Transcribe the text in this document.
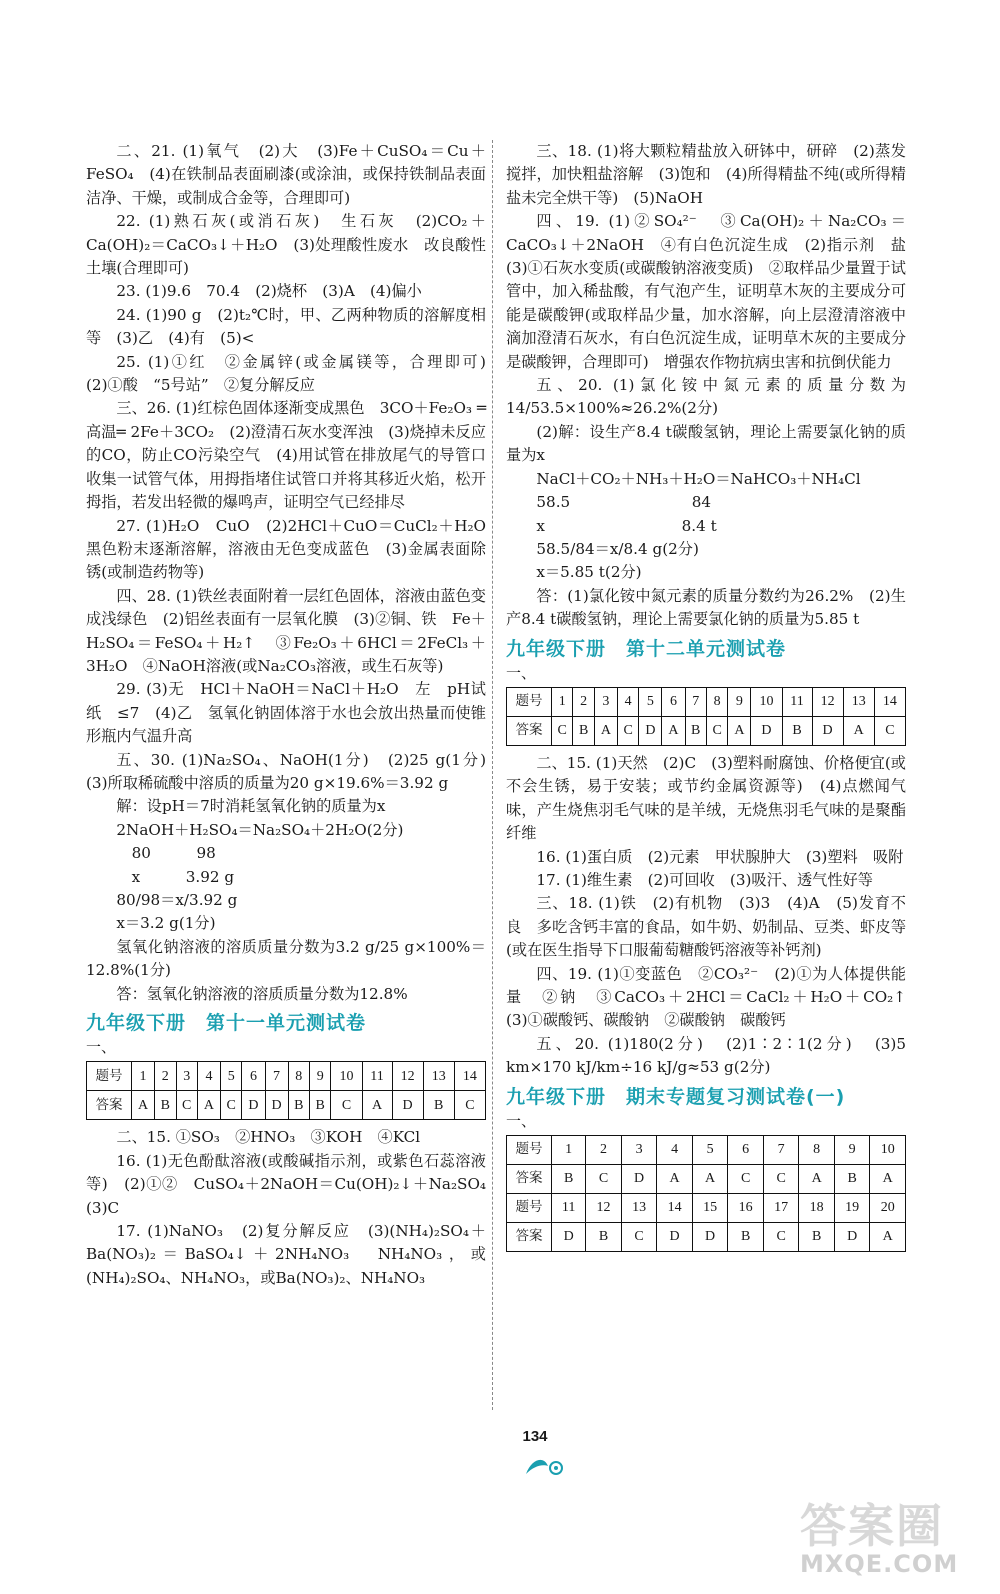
二、21. (1)氧气　(2)大　(3)Fe＋CuSO₄＝Cu＋FeSO₄　(4)在铁制品表面刷漆(或涂油，或保持铁制品表面洁净、干燥，或制成合金等，合理即可)

22. (1)熟石灰(或消石灰)　生石灰　(2)CO₂＋Ca(OH)₂＝CaCO₃↓＋H₂O　(3)处理酸性废水　改良酸性土壤(合理即可)

23. (1)9.6　70.4　(2)烧杯　(3)A　(4)偏小

24. (1)90 g　(2)t₂℃时，甲、乙两种物质的溶解度相等　(3)乙　(4)有　(5)<

25. (1)①红　②金属锌(或金属镁等，合理即可)　(2)①酸　“5号站”　②复分解反应

三、26. (1)红棕色固体逐渐变成黑色　3CO＋Fe₂O₃ ═高温═ 2Fe＋3CO₂　(2)澄清石灰水变浑浊　(3)烧掉未反应的CO，防止CO污染空气　(4)用试管在排放尾气的导管口收集一试管气体，用拇指堵住试管口并将其移近火焰，松开拇指，若发出轻微的爆鸣声，证明空气已经排尽

27. (1)H₂O　CuO　(2)2HCl＋CuO＝CuCl₂＋H₂O　黑色粉末逐渐溶解，溶液由无色变成蓝色　(3)金属表面除锈(或制造药物等)

四、28. (1)铁丝表面附着一层红色固体，溶液由蓝色变成浅绿色　(2)铝丝表面有一层氧化膜　(3)②铜、铁　Fe＋H₂SO₄＝FeSO₄＋H₂↑　③Fe₂O₃＋6HCl＝2FeCl₃＋3H₂O　④NaOH溶液(或Na₂CO₃溶液，或生石灰等)

29. (3)无　HCl＋NaOH＝NaCl＋H₂O　左　pH试纸　≤7　(4)乙　氢氧化钠固体溶于水也会放出热量而使锥形瓶内气温升高

五、30. (1)Na₂SO₄、NaOH(1分)　(2)25 g(1分)　(3)所取稀硫酸中溶质的质量为20 g×19.6%＝3.92 g

解：设pH＝7时消耗氢氧化钠的质量为x

2NaOH＋H₂SO₄＝Na₂SO₄＋2H₂O(2分)

　80　　　98

　x　　　3.92 g

80/98＝x/3.92 g

x＝3.2 g(1分)

氢氧化钠溶液的溶质质量分数为3.2 g/25 g×100%＝12.8%(1分)

答：氢氧化钠溶液的溶质质量分数为12.8%

九年级下册　第十一单元测试卷

一、

题号	1	2	3	4	5	6	7	8	9	10	11	12	13	14
答案	A	B	C	A	C	D	D	B	B	C	A	D	B	C

二、15. ①SO₃　②HNO₃　③KOH　④KCl

16. (1)无色酚酞溶液(或酸碱指示剂，或紫色石蕊溶液等)　(2)①②　CuSO₄＋2NaOH＝Cu(OH)₂↓＋Na₂SO₄　(3)C

17. (1)NaNO₃　(2)复分解反应　(3)(NH₄)₂SO₄＋Ba(NO₃)₂＝BaSO₄↓＋2NH₄NO₃　NH₄NO₃，或(NH₄)₂SO₄、NH₄NO₃，或Ba(NO₃)₂、NH₄NO₃

三、18. (1)将大颗粒精盐放入研钵中，研碎　(2)蒸发　搅拌，加快粗盐溶解　(3)饱和　(4)所得精盐不纯(或所得精盐未完全烘干等)　(5)NaOH

四、19. (1)②SO₄²⁻　③Ca(OH)₂＋Na₂CO₃＝CaCO₃↓＋2NaOH　④有白色沉淀生成　(2)指示剂　盐　(3)①石灰水变质(或碳酸钠溶液变质)　②取样品少量置于试管中，加入稀盐酸，有气泡产生，证明草木灰的主要成分可能是碳酸钾(或取样品少量，加水溶解，向上层澄清溶液中滴加澄清石灰水，有白色沉淀生成，证明草木灰的主要成分是碳酸钾，合理即可)　增强农作物抗病虫害和抗倒伏能力

五、20. (1)氯化铵中氮元素的质量分数为14/53.5×100%≈26.2%(2分)

(2)解：设生产8.4 t碳酸氢钠，理论上需要氯化钠的质量为x

NaCl＋CO₂＋NH₃＋H₂O＝NaHCO₃＋NH₄Cl

58.5　　　　　　　　84

x　　　　　　　　　8.4 t

58.5/84＝x/8.4 g(2分)

x＝5.85 t(2分)

答：(1)氯化铵中氮元素的质量分数约为26.2%　(2)生产8.4 t碳酸氢钠，理论上需要氯化钠的质量为5.85 t

九年级下册　第十二单元测试卷

一、

题号	1	2	3	4	5	6	7	8	9	10	11	12	13	14
答案	C	B	A	C	D	A	B	C	A	D	B	D	A	C

二、15. (1)天然　(2)C　(3)塑料耐腐蚀、价格便宜(或不会生锈，易于安装；或节约金属资源等)　(4)点燃闻气味，产生烧焦羽毛气味的是羊绒，无烧焦羽毛气味的是聚酯纤维

16. (1)蛋白质　(2)元素　甲状腺肿大　(3)塑料　吸附

17. (1)维生素　(2)可回收　(3)吸汗、透气性好等

三、18. (1)铁　(2)有机物　(3)3　(4)A　(5)发育不良　多吃含钙丰富的食品，如牛奶、奶制品、豆类、虾皮等(或在医生指导下口服葡萄糖酸钙溶液等补钙剂)

四、19. (1)①变蓝色　②CO₃²⁻　(2)①为人体提供能量　②钠　③CaCO₃＋2HCl＝CaCl₂＋H₂O＋CO₂↑　(3)①碳酸钙、碳酸钠　②碳酸钠　碳酸钙

五、20. (1)180(2分)　(2)1∶2∶1(2分)　(3)5 km×170 kJ/km÷16 kJ/g≈53 g(2分)

九年级下册　期末专题复习测试卷(一)

一、

题号	1	2	3	4	5	6	7	8	9	10
答案	B	C	D	A	A	C	C	A	B	A
题号	11	12	13	14	15	16	17	18	19	20
答案	D	B	C	D	D	B	C	B	D	A
134
答案圈
MXQE.COM
